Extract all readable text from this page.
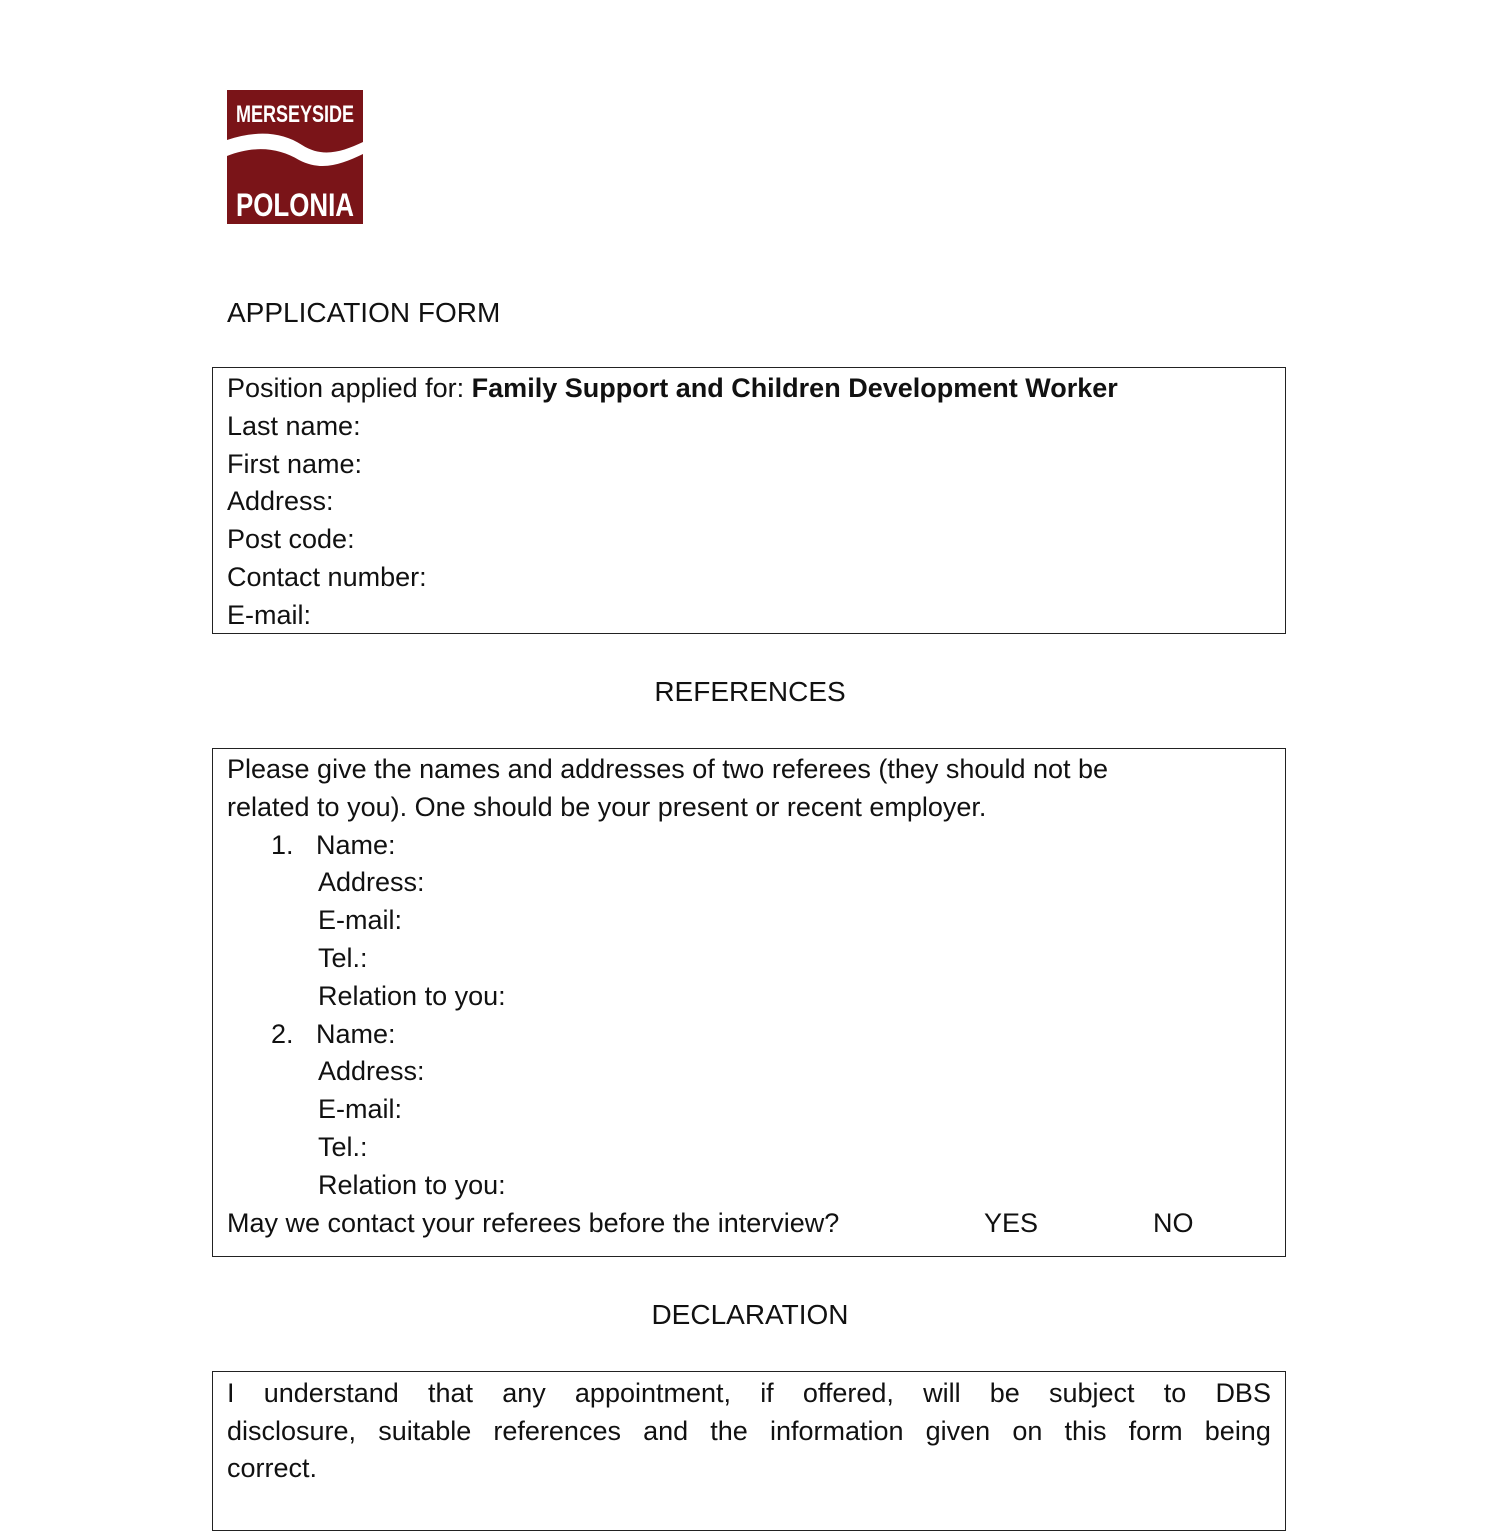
MERSEYSIDE
POLONIA
APPLICATION FORM
Position applied for: Family Support and Children Development Worker
Last name:
First name:
Address:
Post code:
Contact number:
E-mail:
REFERENCES
Please give the names and addresses of two referees (they should not be
related to you). One should be your present or recent employer.
1. Name:
Address:
E-mail:
Tel.:
Relation to you:
2. Name:
Address:
E-mail:
Tel.:
Relation to you:
May we contact your referees before the interview?	YES	NO
DECLARATION
I understand that any appointment, if offered, will be subject to DBS
disclosure, suitable references and the information given on this form being
correct.
